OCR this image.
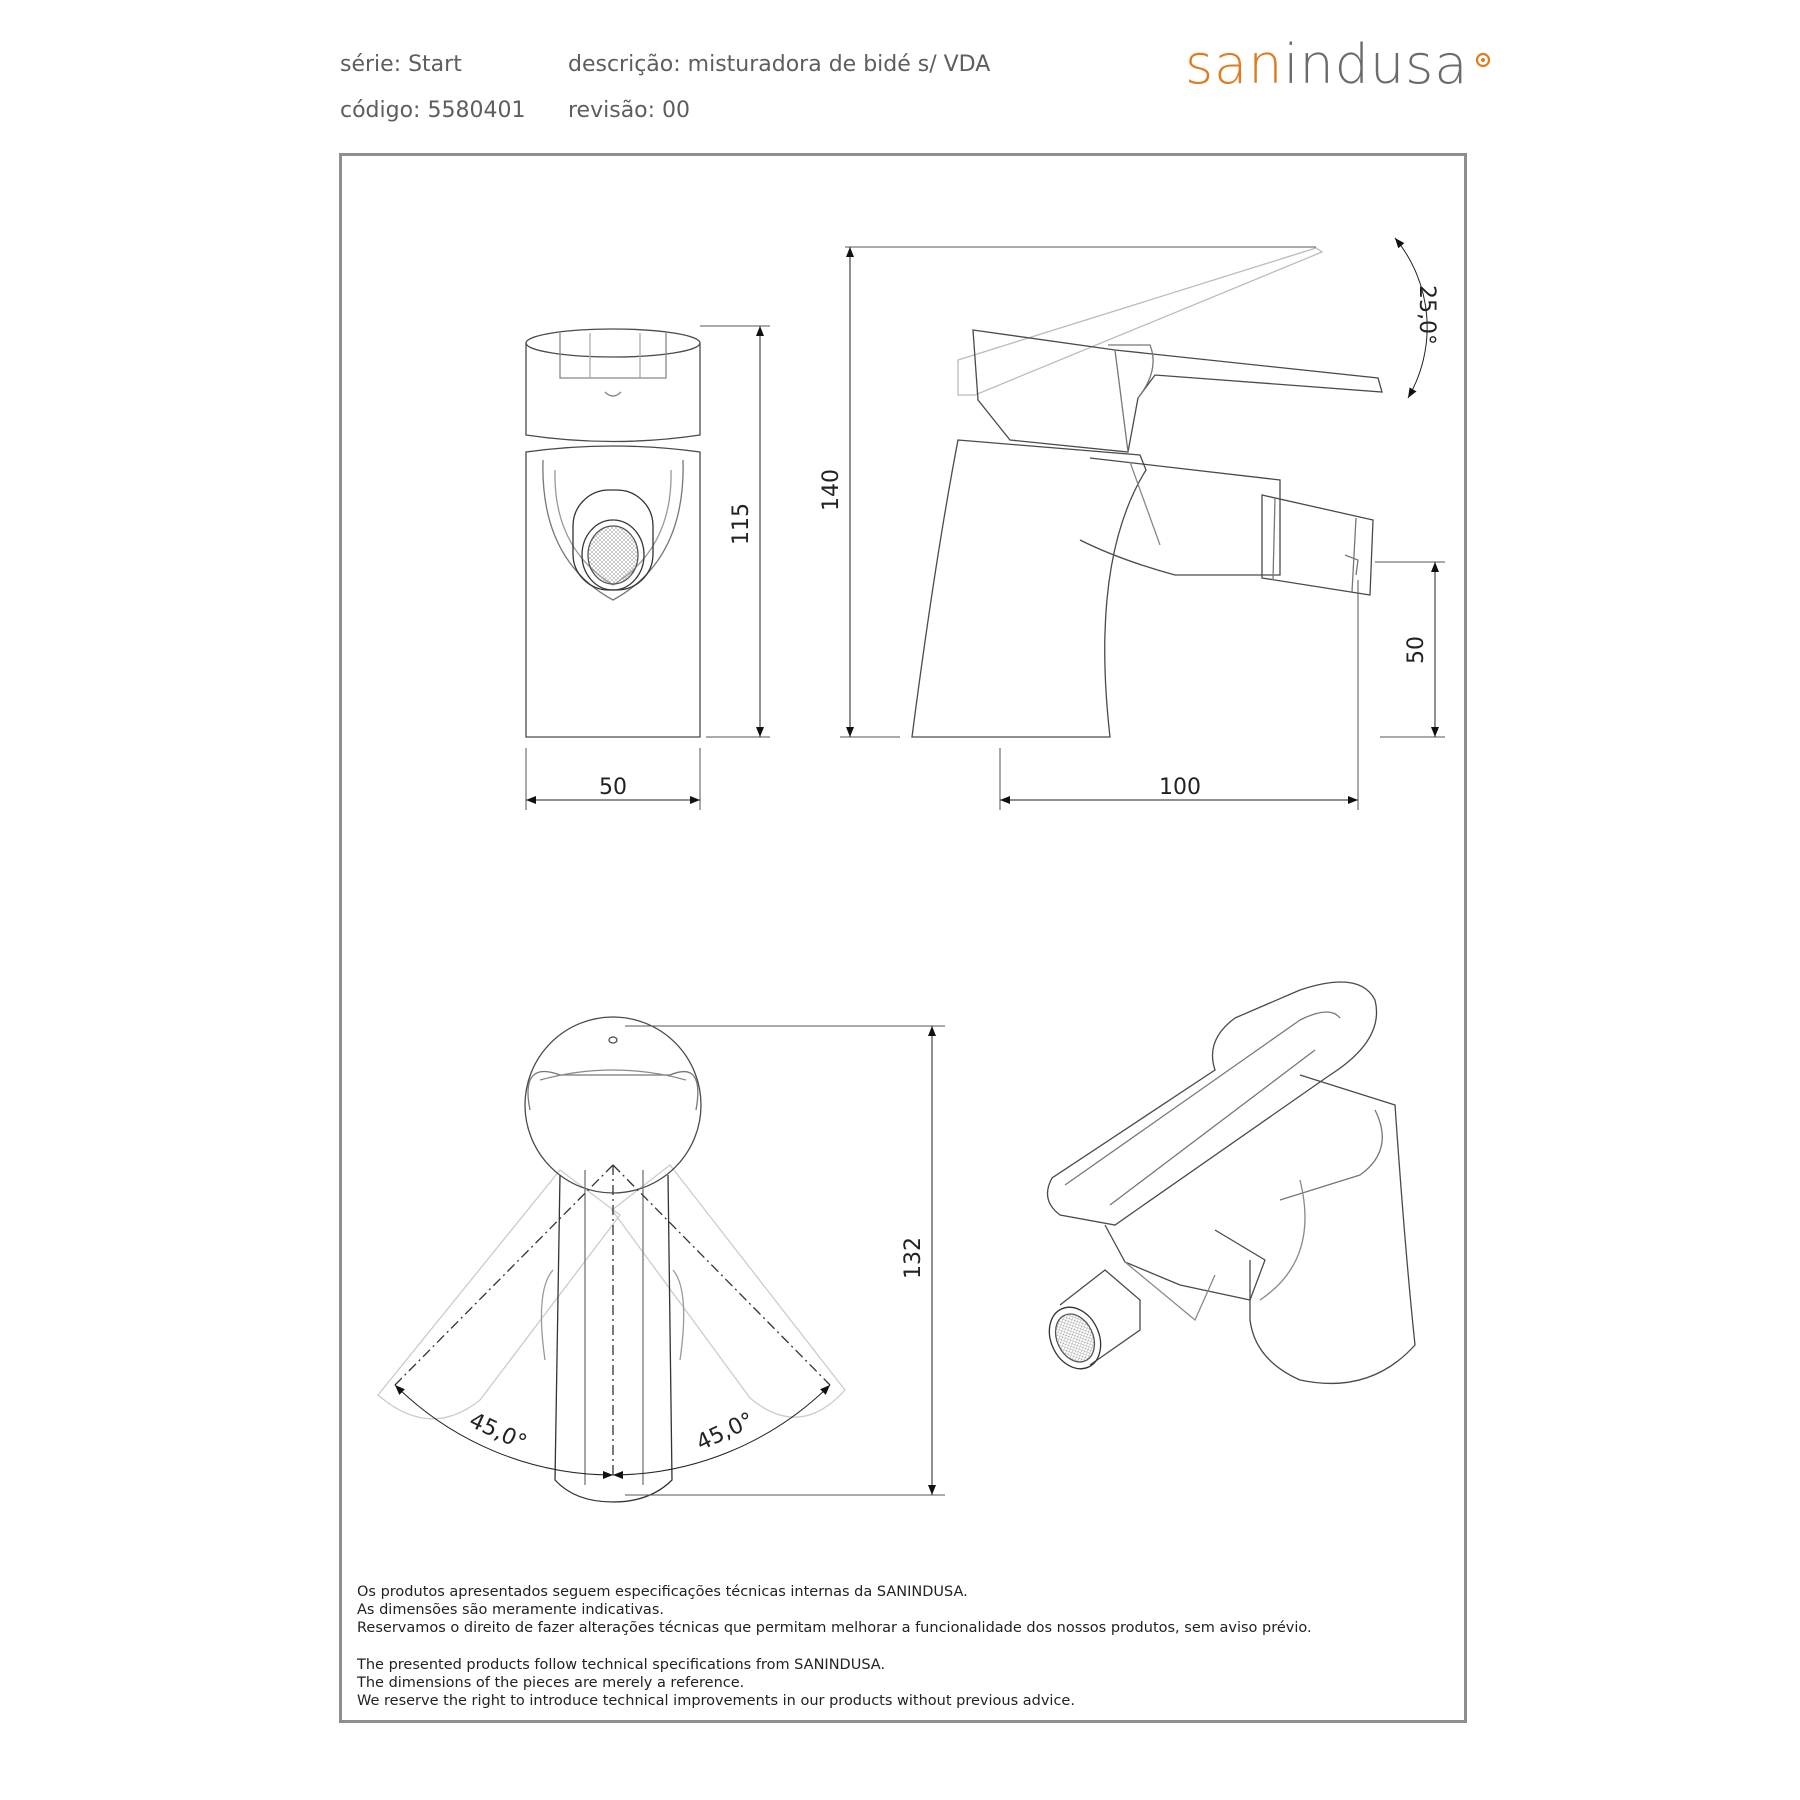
série: Start
código: 5580401
descrição: misturadora de bidé s/ VDA
revisão: 00
sanindusa
115
50
140
100
50
25,0°
132
45,0°	45,0°
Os produtos apresentados seguem especificações técnicas internas da SANINDUSA.
As dimensões são meramente indicativas.
Reservamos o direito de fazer alterações técnicas que permitam melhorar a funcionalidade dos nossos produtos, sem aviso prévio.
The presented products follow technical specifications from SANINDUSA.
The dimensions of the pieces are merely a reference.
We reserve the right to introduce technical improvements in our products without previous advice.
